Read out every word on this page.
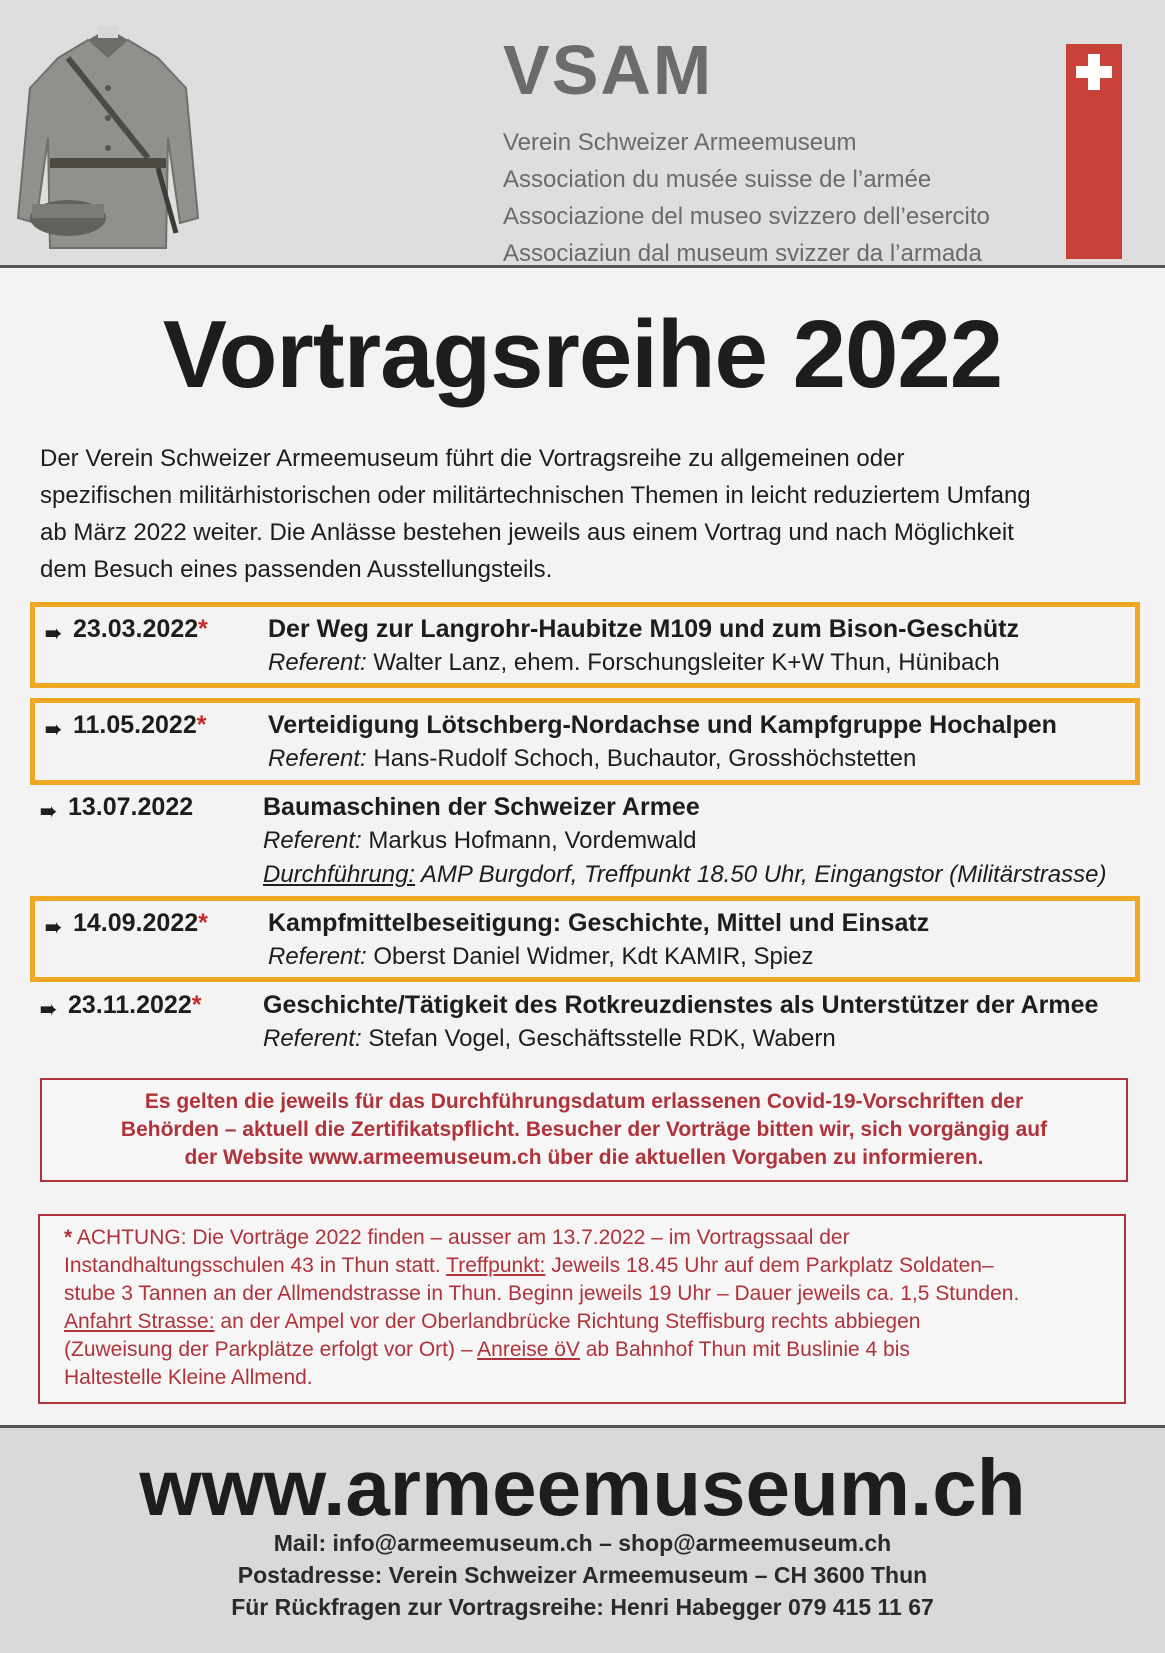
VSAM
Verein Schweizer Armeemuseum
Association du musée suisse de l’armée
Associazione del museo svizzero dell’esercito
Associaziun dal museum svizzer da l’armada
Vortragsreihe 2022
Der Verein Schweizer Armeemuseum führt die Vortragsreihe zu allgemeinen oder
spezifischen militärhistorischen oder militärtechnischen Themen in leicht reduziertem Umfang
ab März 2022 weiter. Die Anlässe bestehen jeweils aus einem Vortrag und nach Möglichkeit
dem Besuch eines passenden Ausstellungsteils.
➠ 23.03.2022* Der Weg zur Langrohr-Haubitze M109 und zum Bison-Geschütz
Referent: Walter Lanz, ehem. Forschungsleiter K+W Thun, Hünibach
➠ 11.05.2022* Verteidigung Lötschberg-Nordachse und Kampfgruppe Hochalpen
Referent: Hans-Rudolf Schoch, Buchautor, Grosshöchstetten
➠ 13.07.2022	Baumaschinen der Schweizer Armee
Referent: Markus Hofmann, Vordemwald
Durchführung: AMP Burgdorf, Treffpunkt 18.50 Uhr, Eingangstor (Militärstrasse)
➠ 14.09.2022* Kampfmittelbeseitigung: Geschichte, Mittel und Einsatz
Referent: Oberst Daniel Widmer, Kdt KAMIR, Spiez
➠ 23.11.2022* Geschichte/Tätigkeit des Rotkreuzdienstes als Unterstützer der Armee
Referent: Stefan Vogel, Geschäftsstelle RDK, Wabern
Es gelten die jeweils für das Durchführungsdatum erlassenen Covid-19-Vorschriften der
Behörden – aktuell die Zertifikatspflicht. Besucher der Vorträge bitten wir, sich vorgängig auf
der Website www.armeemuseum.ch über die aktuellen Vorgaben zu informieren.
* ACHTUNG: Die Vorträge 2022 finden – ausser am 13.7.2022 – im Vortragssaal der
Instandhaltungsschulen 43 in Thun statt. Treffpunkt: Jeweils 18.45 Uhr auf dem Parkplatz Soldaten–
stube 3 Tannen an der Allmendstrasse in Thun. Beginn jeweils 19 Uhr – Dauer jeweils ca. 1,5 Stunden.
Anfahrt Strasse: an der Ampel vor der Oberlandbrücke Richtung Steffisburg rechts abbiegen
(Zuweisung der Parkplätze erfolgt vor Ort) – Anreise öV ab Bahnhof Thun mit Buslinie 4 bis
Haltestelle Kleine Allmend.
www.armeemuseum.ch
Mail: info@armeemuseum.ch – shop@armeemuseum.ch
Postadresse: Verein Schweizer Armeemuseum – CH 3600 Thun
Für Rückfragen zur Vortragsreihe: Henri Habegger 079 415 11 67
